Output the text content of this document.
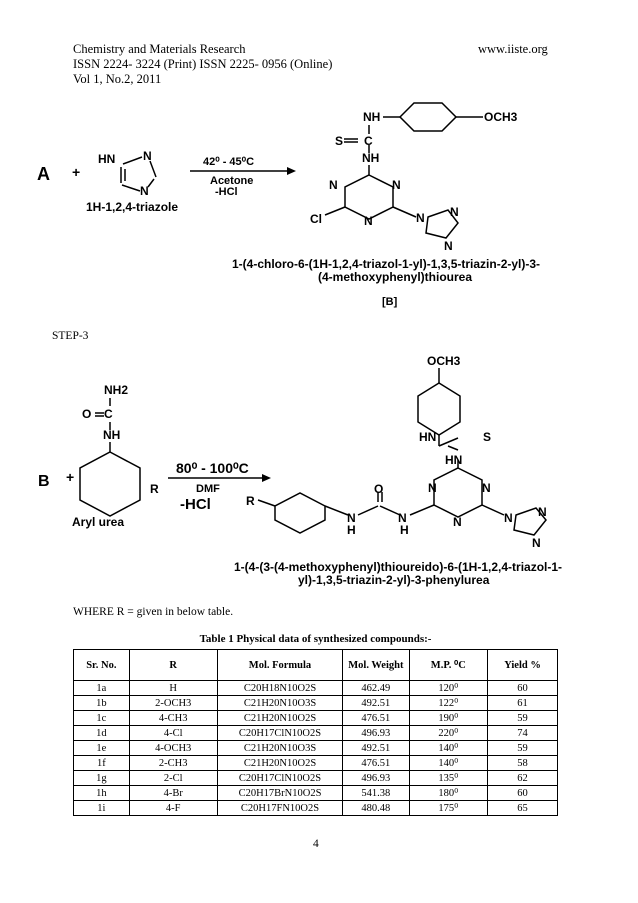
Chemistry and Materials Research
ISSN 2224- 3224 (Print) ISSN 2225- 0956 (Online)
Vol 1, No.2, 2011
www.iiste.org
A +
HN N
N
1H-1,2,4-triazole
42⁰ - 45⁰C
Acetone
-HCl
NH	OCH3
S C
NH
N	N
N
Cl	N N
N
1-(4-chloro-6-(1H-1,2,4-triazol-1-yl)-1,3,5-triazin-2-yl)-3-
(4-methoxyphenyl)thiourea
[B]
STEP-3
B +
NH2
O C
NH
R
Aryl urea
80⁰ - 100⁰C
DMF
-HCl
OCH3
HN	S
HN
N	N
N
O
N
H
N
H
R
N N
N
1-(4-(3-(4-methoxyphenyl)thioureido)-6-(1H-1,2,4-triazol-1-
yl)-1,3,5-triazin-2-yl)-3-phenylurea
WHERE R = given in below table.
Table 1 Physical data of synthesized compounds:-
Sr. No.	R	Mol. Formula	Mol. Weight	M.P. ⁰C	Yield %
1a	H	C20H18N10O2S	462.49	120⁰	60
1b	2-OCH3	C21H20N10O3S	492.51	122⁰	61
1c	4-CH3	C21H20N10O2S	476.51	190⁰	59
1d	4-Cl	C20H17ClN10O2S	496.93	220⁰	74
1e	4-OCH3	C21H20N10O3S	492.51	140⁰	59
1f	2-CH3	C21H20N10O2S	476.51	140⁰	58
1g	2-Cl	C20H17ClN10O2S	496.93	135⁰	62
1h	4-Br	C20H17BrN10O2S	541.38	180⁰	60
1i	4-F	C20H17FN10O2S	480.48	175⁰	65
4
